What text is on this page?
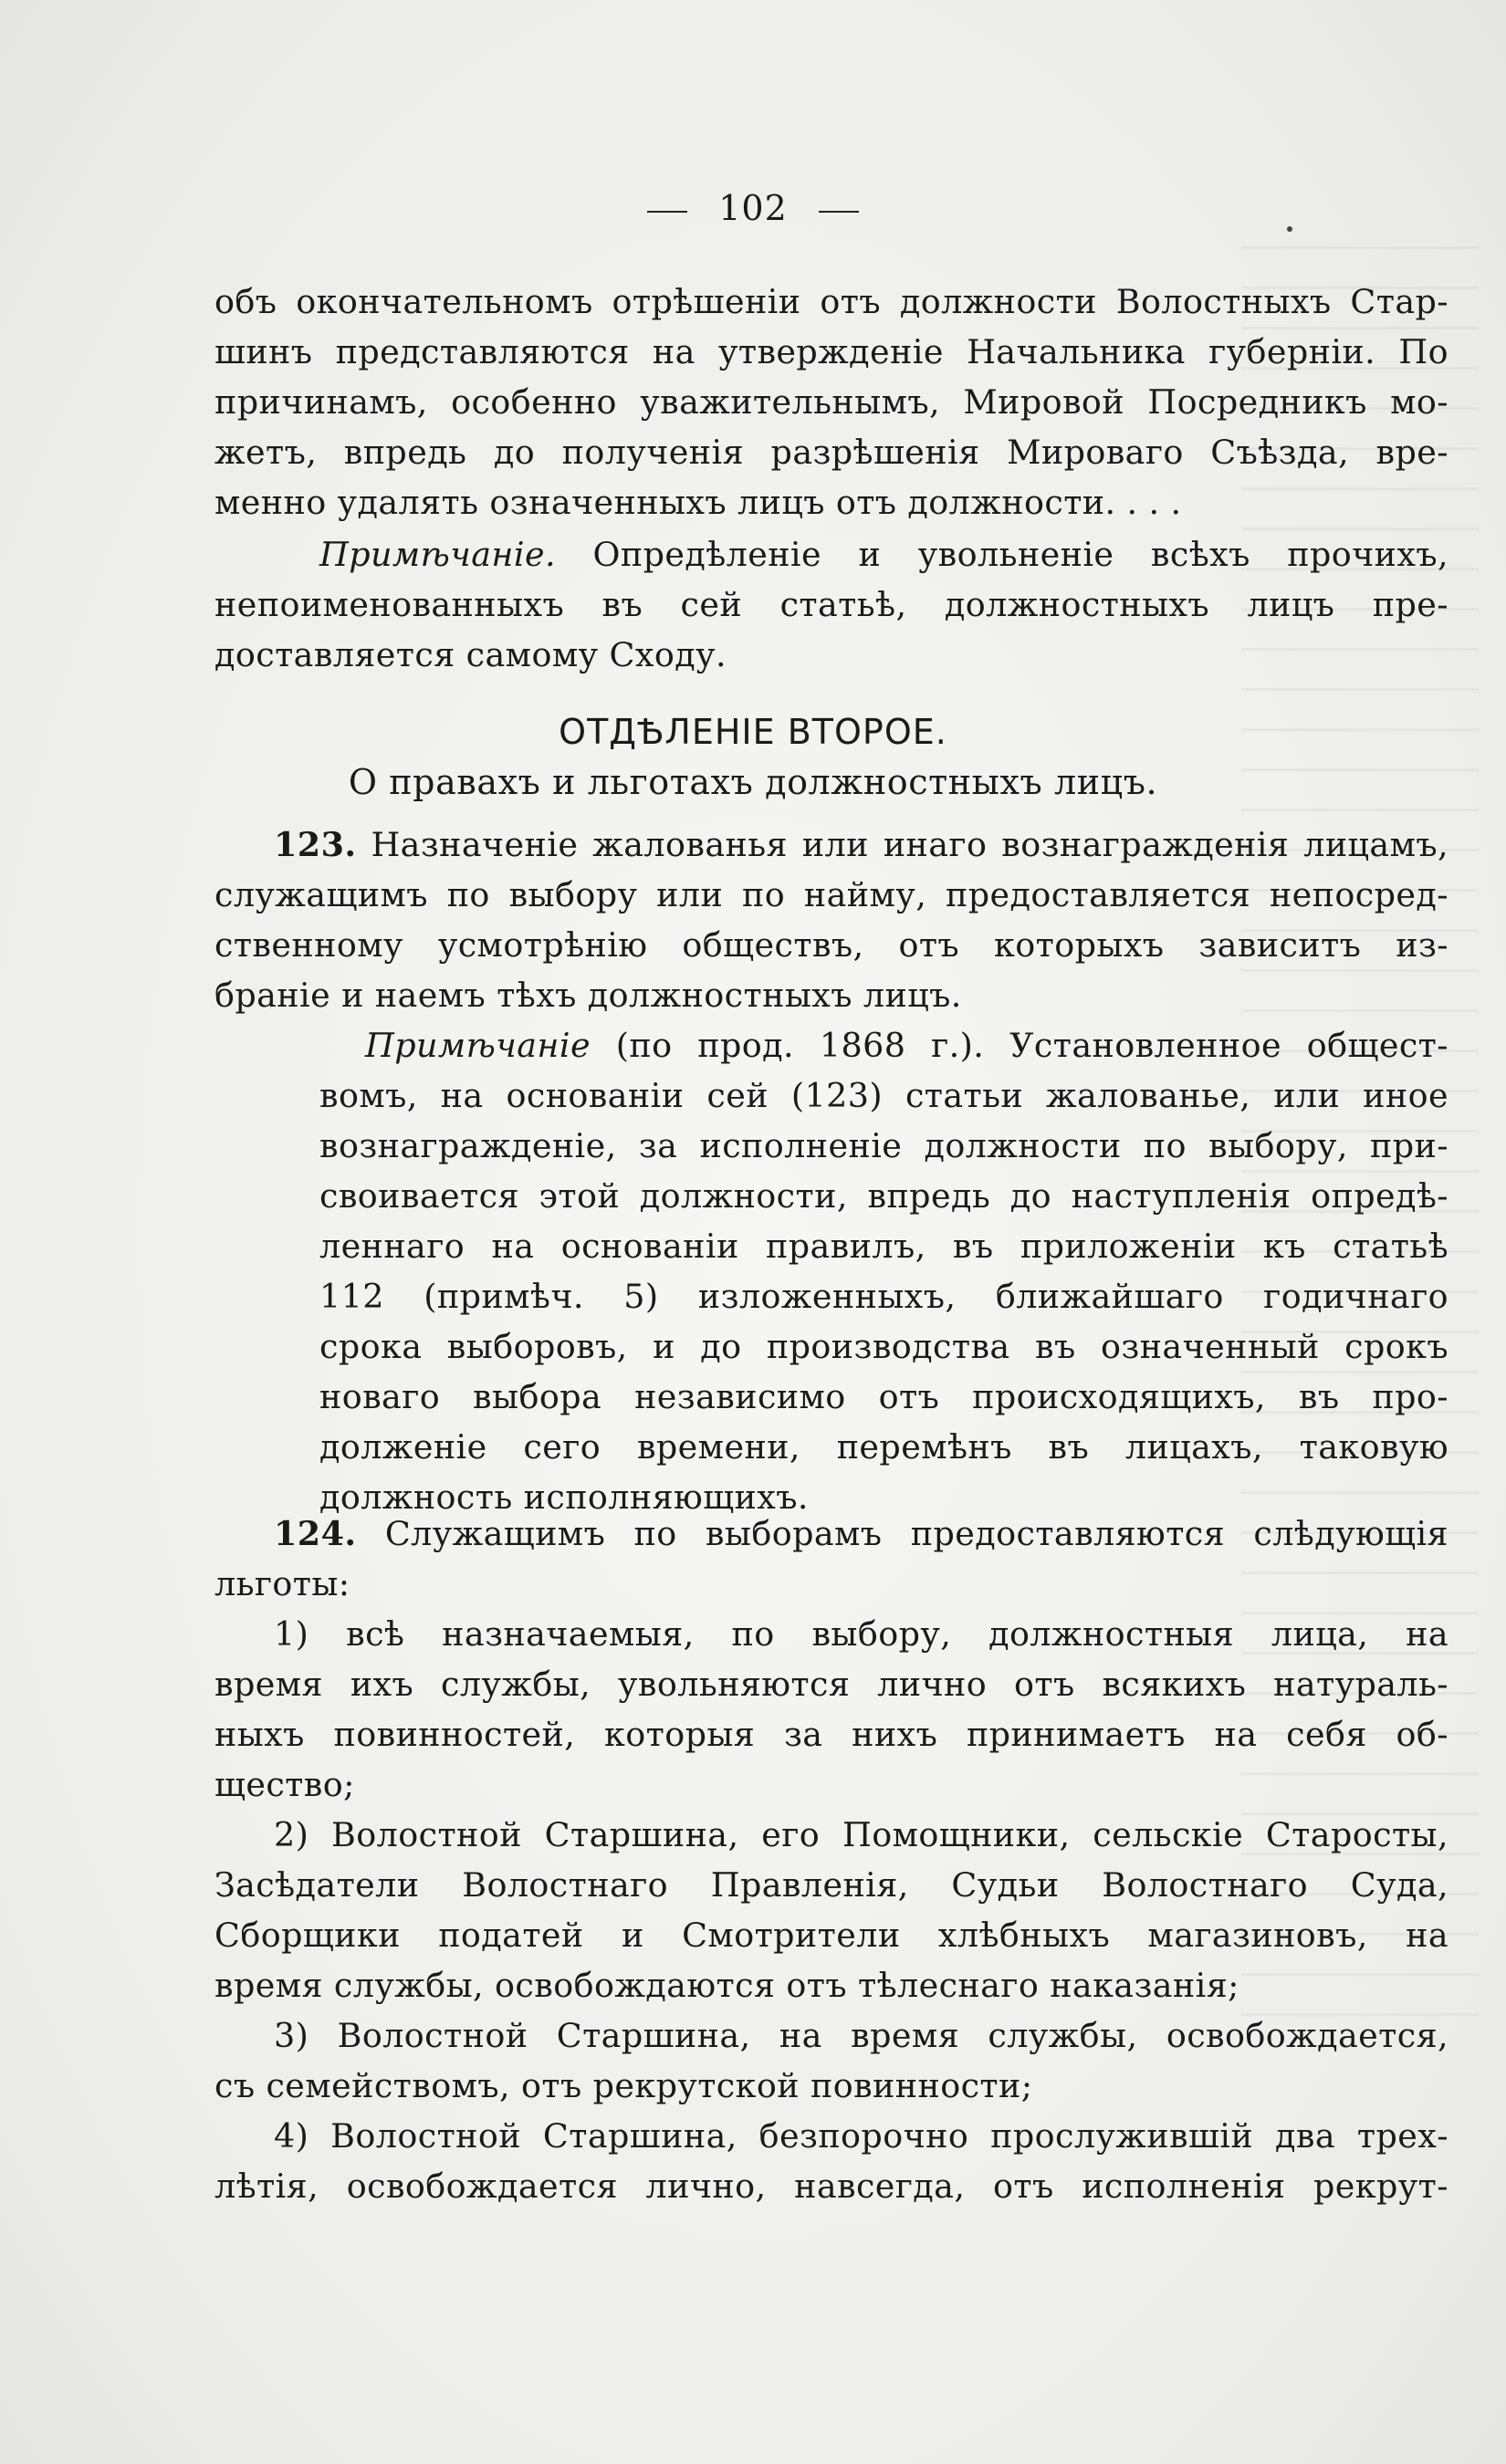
102
объ окончательномъ отрѣшеніи отъ должности Волостныхъ Стар-
шинъ представляются на утвержденіе Начальника губерніи. По
причинамъ, особенно уважительнымъ, Мировой Посредникъ мо-
жетъ, впредь до полученія разрѣшенія Мироваго Съѣзда, вре-
менно удалять означенныхъ лицъ отъ должности. . . .
Примѣчаніе. Опредѣленіе и увольненіе всѣхъ прочихъ,
непоименованныхъ въ сей статьѣ, должностныхъ лицъ пре-
доставляется самому Сходу.
ОТДѢЛЕНІЕ ВТОРОЕ.
О правахъ и льготахъ должностныхъ лицъ.
123. Назначеніе жалованья или инаго вознагражденія лицамъ,
служащимъ по выбору или по найму, предоставляется непосред-
ственному усмотрѣнію обществъ, отъ которыхъ зависитъ из-
браніе и наемъ тѣхъ должностныхъ лицъ.
Примѣчаніе (по прод. 1868 г.). Установленное общест-
вомъ, на основаніи сей (123) статьи жалованье, или иное
вознагражденіе, за исполненіе должности по выбору, при-
своивается этой должности, впредь до наступленія опредѣ-
леннаго на основаніи правилъ, въ приложеніи къ статьѣ
112 (примѣч. 5) изложенныхъ, ближайшаго годичнаго
срока выборовъ, и до производства въ означенный срокъ
новаго выбора независимо отъ происходящихъ, въ про-
долженіе сего времени, перемѣнъ въ лицахъ, таковую
должность исполняющихъ.
124. Служащимъ по выборамъ предоставляются слѣдующія
льготы:
1) всѣ назначаемыя, по выбору, должностныя лица, на
время ихъ службы, увольняются лично отъ всякихъ натураль-
ныхъ повинностей, которыя за нихъ принимаетъ на себя об-
щество;
2) Волостной Старшина, его Помощники, сельскіе Старосты,
Засѣдатели Волостнаго Правленія, Судьи Волостнаго Суда,
Сборщики податей и Смотрители хлѣбныхъ магазиновъ, на
время службы, освобождаются отъ тѣлеснаго наказанія;
3) Волостной Старшина, на время службы, освобождается,
съ семействомъ, отъ рекрутской повинности;
4) Волостной Старшина, безпорочно прослужившій два трех-
лѣтія, освобождается лично, навсегда, отъ исполненія рекрут-
